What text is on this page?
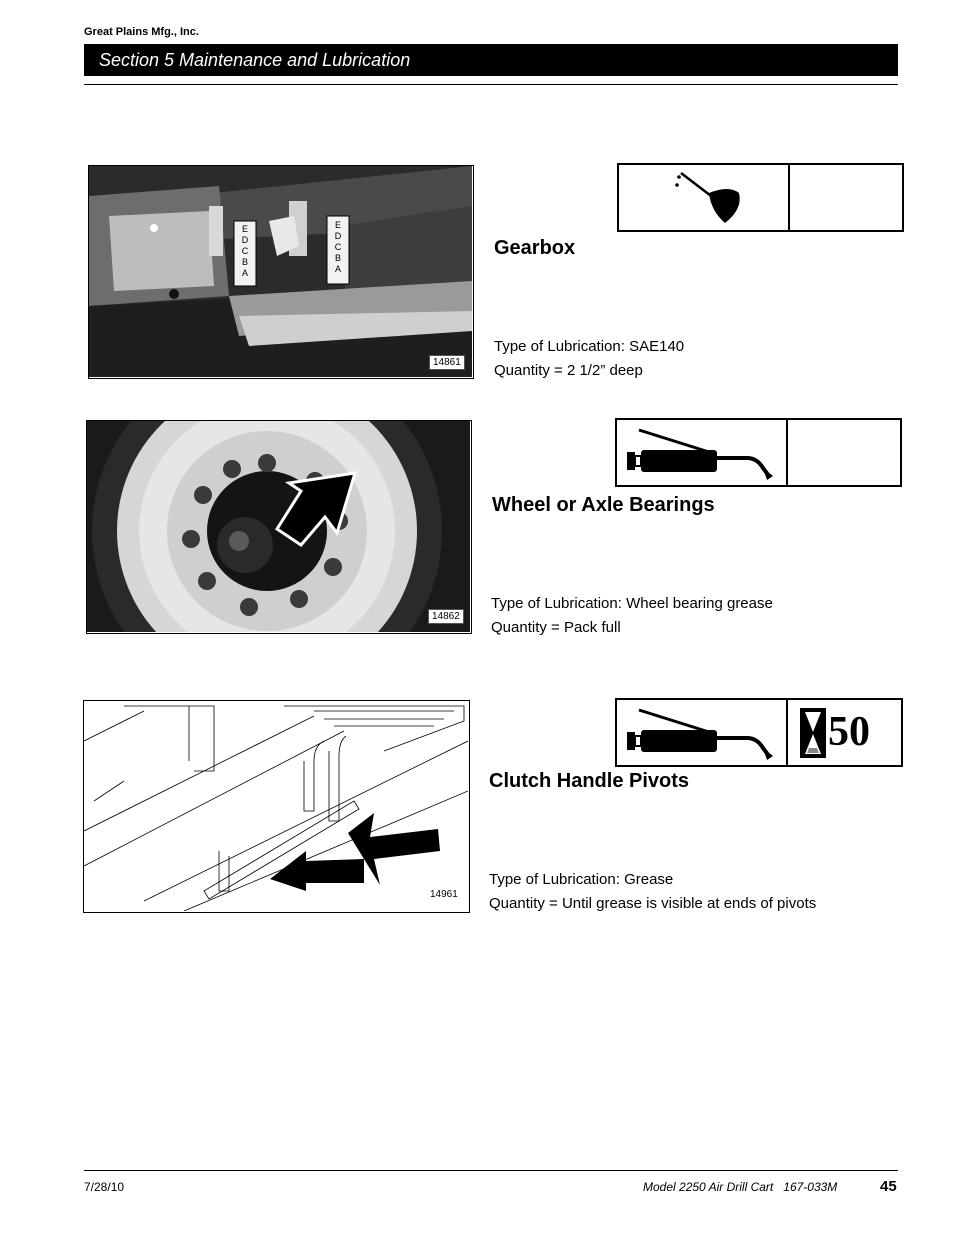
Great Plains Mfg., Inc.
Section 5 Maintenance and Lubrication
E
D
C
B
A
E
D
C
B
A
14861
Gearbox
Type of Lubrication: SAE140
Quantity = 2 1/2” deep
14862
Wheel or Axle Bearings
Type of Lubrication: Wheel bearing grease
Quantity = Pack full
14961
50
Clutch Handle Pivots
Type of Lubrication: Grease
Quantity = Until grease is visible at ends of pivots
7/28/10	Model 2250 Air Drill Cart   167-033M	45
